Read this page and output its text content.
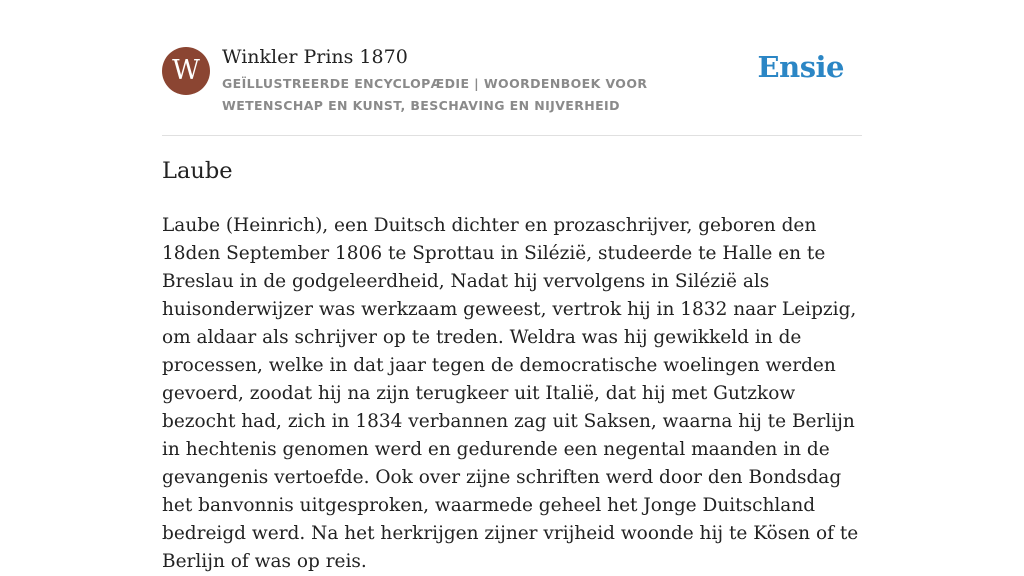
W	Winkler Prins 1870
GEÏLLUSTREERDE ENCYCLOPÆDIE | WOORDENBOEK VOOR WETENSCHAP EN KUNST, BESCHAVING EN NIJVERHEID
Ensie
Laube

Laube (Heinrich), een Duitsch dichter en prozaschrijver, geboren den 18den September 1806 te Sprottau in Silézië, studeerde te Halle en te Breslau in de godgeleerdheid, Nadat hij vervolgens in Silézië als huisonderwijzer was werkzaam geweest, vertrok hij in 1832 naar Leipzig, om aldaar als schrijver op te treden. Weldra was hij gewikkeld in de processen, welke in dat jaar tegen de democratische woelingen werden gevoerd, zoodat hij na zijn terugkeer uit Italië, dat hij met Gutzkow bezocht had, zich in 1834 verbannen zag uit Saksen, waarna hij te Berlijn in hechtenis genomen werd en gedurende een negental maanden in de gevangenis vertoefde. Ook over zijne schriften werd door den Bondsdag het banvonnis uitgesproken, waarmede geheel het Jonge Duitschland bedreigd werd. Na het herkrijgen zijner vrijheid woonde hij te Kösen of te Berlijn of was op reis.
